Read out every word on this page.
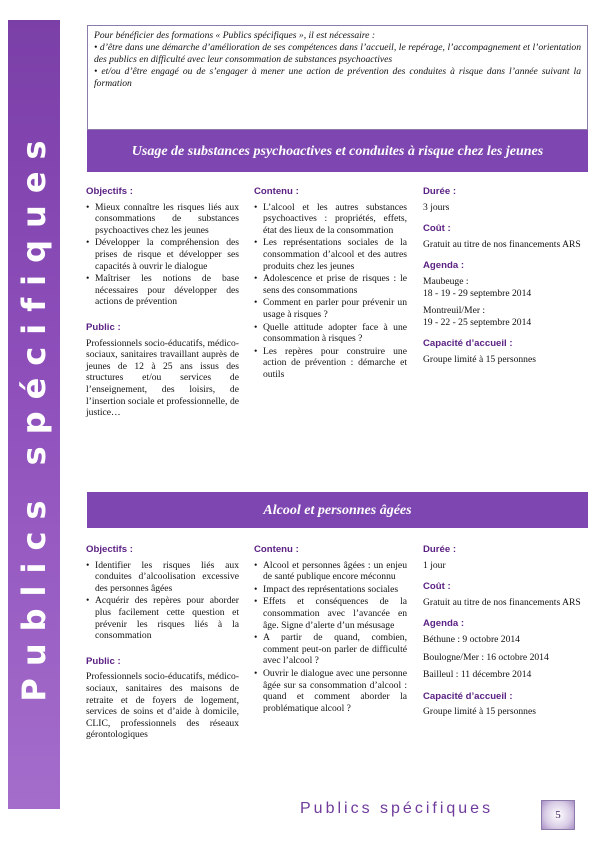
Publics spécifiques

Pour bénéficier des formations « Publics spécifiques », il est nécessaire :

• d’être dans une démarche d’amélioration de ses compétences dans l’accueil, le repérage, l’accompagnement et l’orientation des publics en difficulté avec leur consommation de substances psychoactives

• et/ou d’être engagé ou de s’engager à mener une action de prévention des conduites à risque dans l’année suivant la formation

Usage de substances psychoactives et conduites à risque chez les jeunes
Objectifs :
• Mieux connaître les risques liés aux consommations de substances psychoactives chez les jeunes
• Développer la compréhension des prises de risque et développer ses capacités à ouvrir le dialogue
• Maîtriser les notions de base nécessaires pour développer des actions de prévention
Public :
Professionnels socio-éducatifs, médico-sociaux, sanitaires travaillant auprès de jeunes de 12 à 25 ans issus des structures et/ou services de l’enseignement, des loisirs, de l’insertion sociale et professionnelle, de justice…
Contenu :
• L’alcool et les autres substances psychoactives : propriétés, effets, état des lieux de la consommation
• Les représentations sociales de la consommation d’alcool et des autres produits chez les jeunes
• Adolescence et prise de risques : le sens des consommations
• Comment en parler pour prévenir un usage à risques ?
• Quelle attitude adopter face à une consommation à risques ?
• Les repères pour construire une action de prévention : démarche et outils
Durée :
3 jours
Coût :
Gratuit au titre de nos financements ARS
Agenda :
Maubeuge :
18 - 19 - 29 septembre 2014
Montreuil/Mer :
19 - 22 - 25 septembre 2014
Capacité d’accueil :
Groupe limité à 15 personnes
Alcool et personnes âgées
Objectifs :
• Identifier les risques liés aux conduites d’alcoolisation excessive des personnes âgées
• Acquérir des repères pour aborder plus facilement cette question et prévenir les risques liés à la consommation
Public :
Professionnels socio-éducatifs, médico-sociaux, sanitaires des maisons de retraite et de foyers de logement, services de soins et d’aide à domicile, CLIC, professionnels des réseaux gérontologiques
Contenu :
• Alcool et personnes âgées : un enjeu de santé publique encore méconnu
• Impact des représentations sociales
• Effets et conséquences de la consommation avec l’avancée en âge. Signe d’alerte d’un mésusage
• A partir de quand, combien, comment peut-on parler de difficulté avec l’alcool ?
• Ouvrir le dialogue avec une personne âgée sur sa consommation d’alcool : quand et comment aborder la problématique alcool ?
Durée :
1 jour
Coût :
Gratuit au titre de nos financements ARS
Agenda :
Béthune : 9 octobre 2014
Boulogne/Mer : 16 octobre 2014
Bailleul : 11 décembre 2014
Capacité d’accueil :
Groupe limité à 15 personnes
Publics spécifiques	5
